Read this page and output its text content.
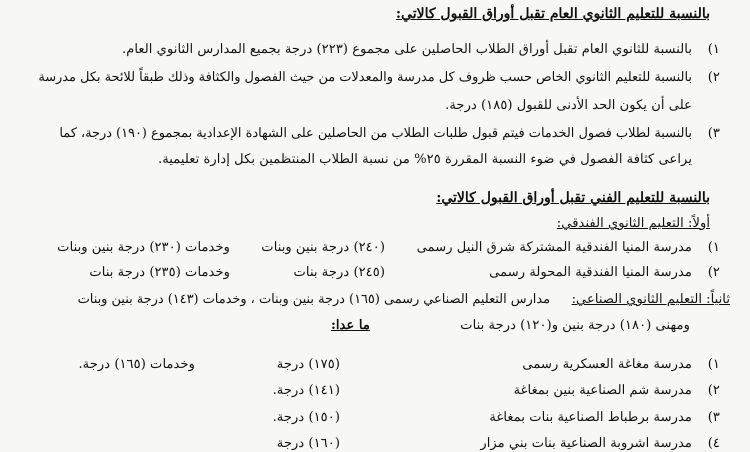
بالنسبة للتعليم الثانوي العام تقبل أوراق القبول كالاتي:
١)
بالنسبة للثانوي العام تقبل أوراق الطلاب الحاصلين على مجموع (٢٢٣) درجة بجميع المدارس الثانوي العام.
٢)
بالنسبة للتعليم الثانوي الخاص حسب ظروف كل مدرسة والمعدلات من حيث الفصول والكثافة وذلك طبقاً للائحة بكل مدرسة
على أن يكون الحد الأدنى للقبول (١٨٥) درجة.
٣)
بالنسبة لطلاب فصول الخدمات فيتم قبول طلبات الطلاب من الحاصلين على الشهادة الإعدادية بمجموع (١٩٠) درجة، كما
يراعى كثافة الفصول في ضوء النسبة المقررة ٢٥% من نسبة الطلاب المنتظمين بكل إدارة تعليمية.
بالنسبة للتعليم الفني تقبل أوراق القبول كالاتي:
أولاً: التعليم الثانوي الفندقي:
١)
مدرسة المنيا الفندقية المشتركة شرق النيل رسمى
(٢٤٠) درجة بنين وبنات
وخدمات (٢٣٠) درجة بنين وبنات
٢)
مدرسة المنيا الفندقية المحولة رسمى
(٢٤٥) درجة بنات
وخدمات (٢٣٥) درجة بنات
ثانياً: التعليم الثانوي الصناعي:
مدارس التعليم الصناعي رسمى (١٦٥) درجة بنين وبنات ، وخدمات (١٤٣) درجة بنين وبنات
ومهنى (١٨٠) درجة بنين و(١٢٠) درجة بنات
ما عدا:
١)
مدرسة مغاغة العسكرية رسمى
(١٧٥) درجة
وخدمات (١٦٥) درجة.
٢)
مدرسة شم الصناعية بنين بمغاغة
(١٤١) درجة.
٣)
مدرسة برطباط الصناعية بنات بمغاغة
(١٥٠) درجة.
٤)
مدرسة اشروبة الصناعية بنات بني مزار
(١٦٠) درجة
